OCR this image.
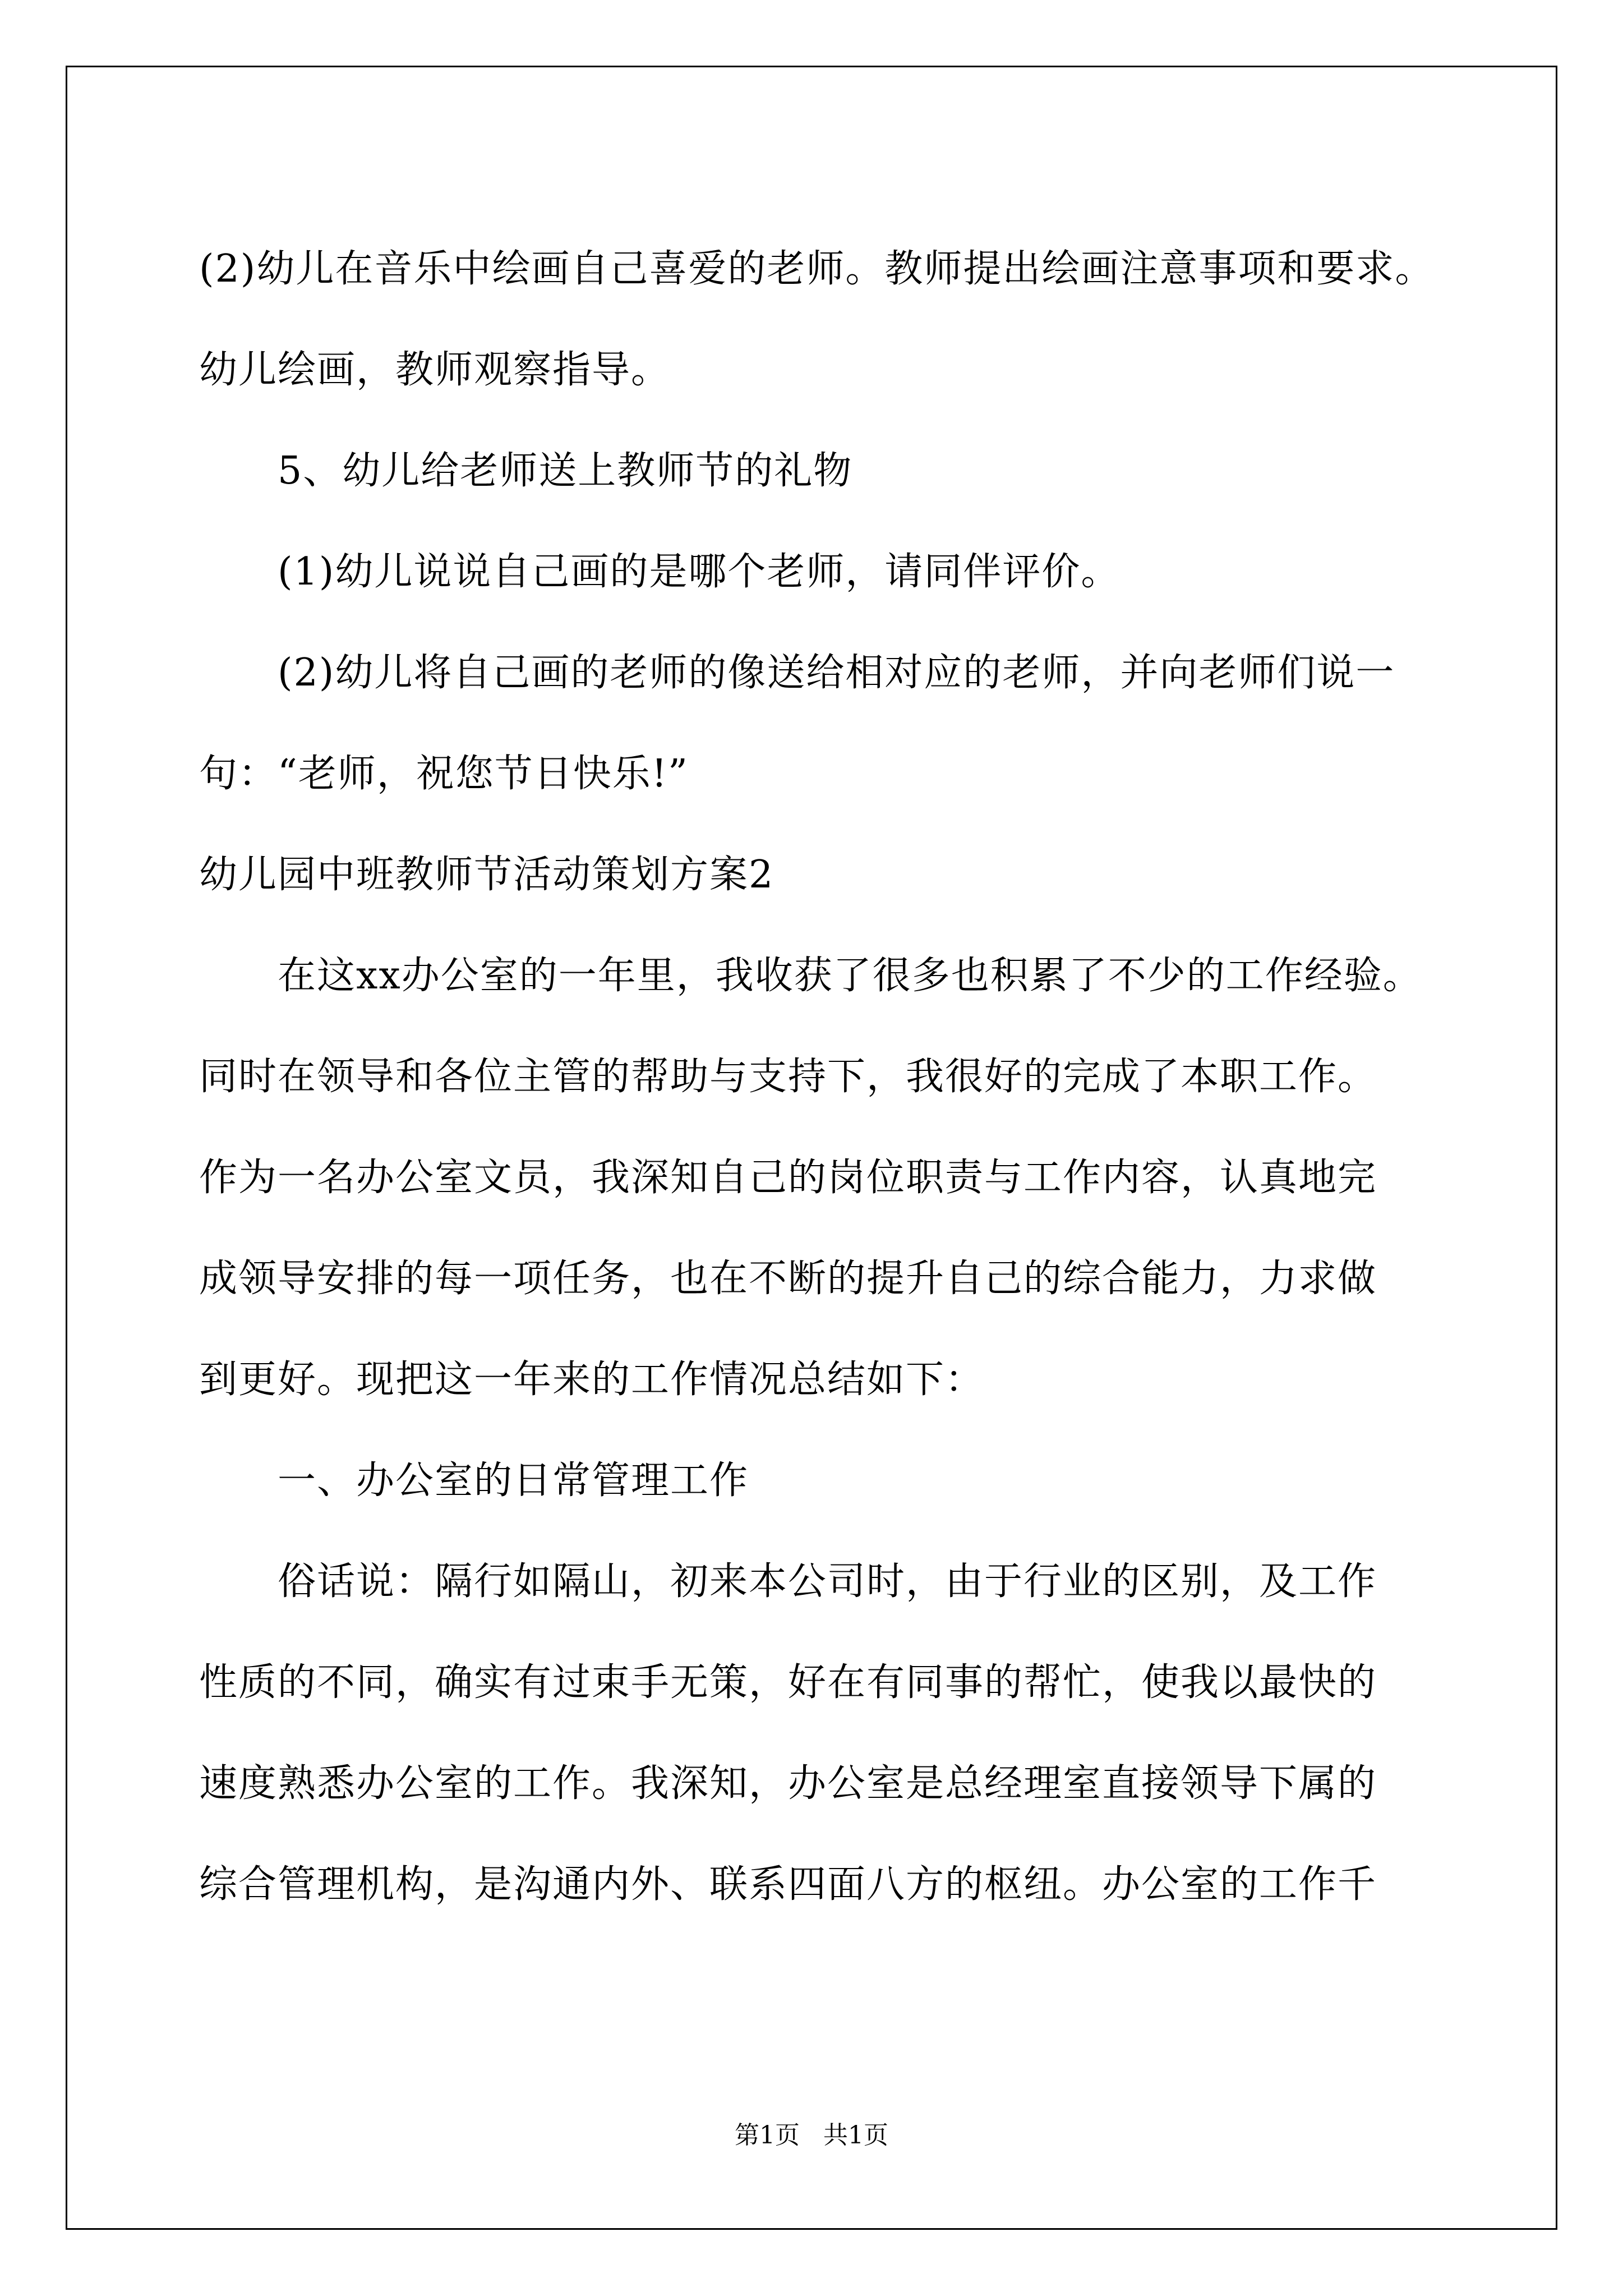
(2)幼儿在音乐中绘画自己喜爱的老师。教师提出绘画注意事项和要求。

幼儿绘画，教师观察指导。

5、幼儿给老师送上教师节的礼物

(1)幼儿说说自己画的是哪个老师，请同伴评价。

(2)幼儿将自己画的老师的像送给相对应的老师，并向老师们说一

句：“老师，祝您节日快乐!”

幼儿园中班教师节活动策划方案2

在这xx办公室的一年里，我收获了很多也积累了不少的工作经验。

同时在领导和各位主管的帮助与支持下，我很好的完成了本职工作。

作为一名办公室文员，我深知自己的岗位职责与工作内容，认真地完

成领导安排的每一项任务，也在不断的提升自己的综合能力，力求做

到更好。现把这一年来的工作情况总结如下：

一、办公室的日常管理工作

俗话说：隔行如隔山，初来本公司时，由于行业的区别，及工作

性质的不同，确实有过束手无策，好在有同事的帮忙，使我以最快的

速度熟悉办公室的工作。我深知，办公室是总经理室直接领导下属的

综合管理机构，是沟通内外、联系四面八方的枢纽。办公室的工作千

第1页 共1页
